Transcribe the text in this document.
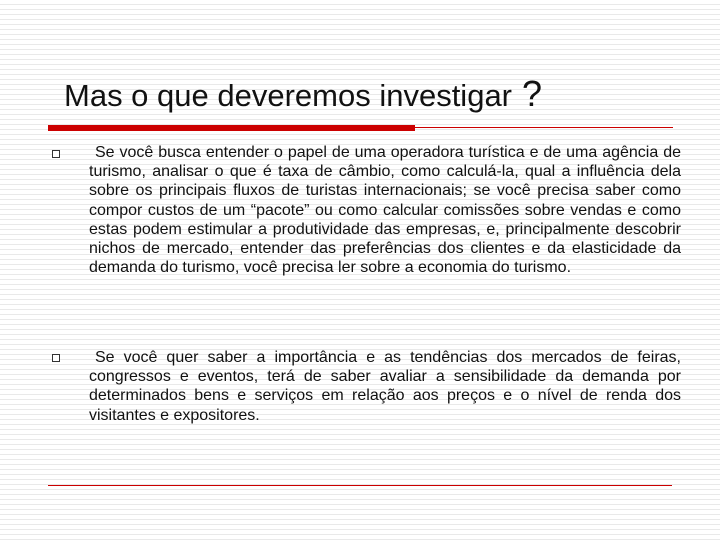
Mas o que deveremos investigar ?

Se você busca entender o papel de uma operadora turística e de uma agência de turismo, analisar o que é taxa de câmbio, como calculá-la, qual a influência dela sobre os principais fluxos de turistas internacionais; se você precisa saber como compor custos de um “pacote” ou como calcular comissões sobre vendas e como estas podem estimular a produtividade das empresas, e, principalmente descobrir nichos de mercado, entender das preferências dos clientes e da elasticidade da demanda do turismo, você precisa ler sobre a economia do turismo.

Se você quer saber a importância e as tendências dos mercados de feiras, congressos e eventos, terá de saber avaliar a sensibilidade da demanda por determinados bens e serviços em relação aos preços e o nível de renda dos visitantes e expositores.
